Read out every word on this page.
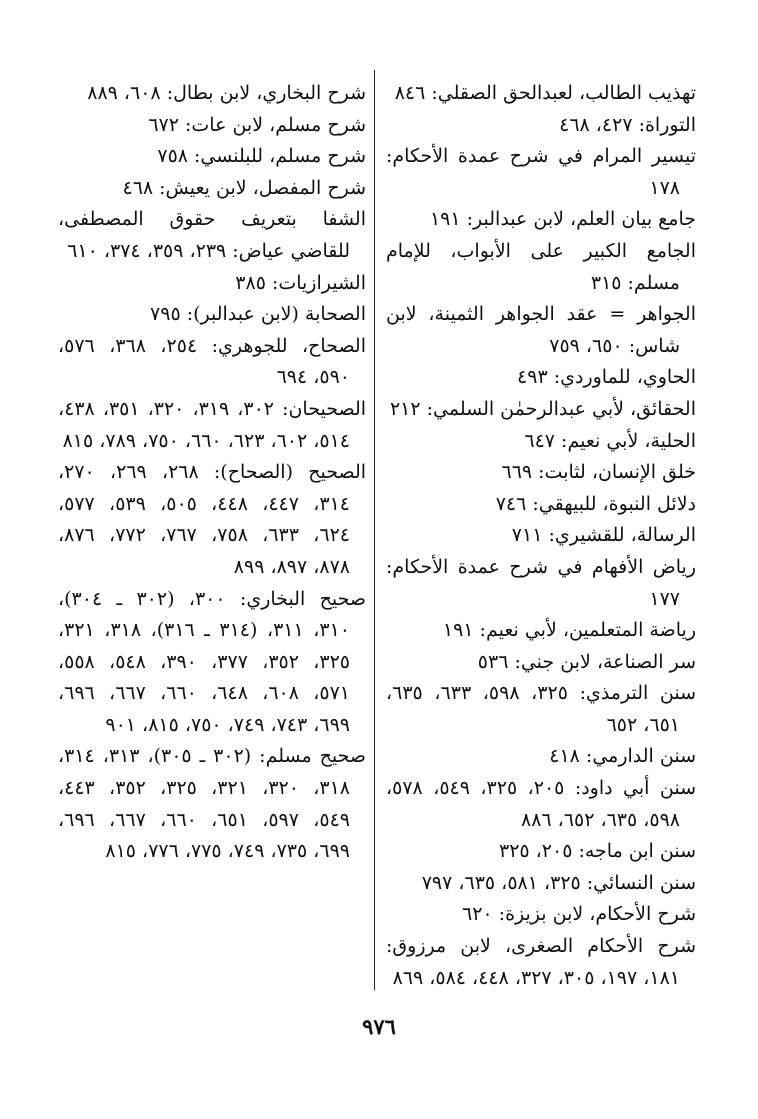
تهذيب الطالب، لعبدالحق الصقلي: ٨٤٦
التوراة: ٤٢٧، ٤٦٨
تيسير المرام في شرح عمدة الأحكام: ١٧٨
جامع بيان العلم، لابن عبدالبر: ١٩١
الجامع الكبير على الأبواب، للإمام مسلم: ٣١٥
الجواهر = عقد الجواهر الثمينة، لابن شاس: ٦٥٠، ٧٥٩
الحاوي، للماوردي: ٤٩٣
الحقائق، لأبي عبدالرحمٰن السلمي: ٢١٢
الحلية، لأبي نعيم: ٦٤٧
خلق الإنسان، لثابت: ٦٦٩
دلائل النبوة، للبيهقي: ٧٤٦
الرسالة، للقشيري: ٧١١
رياض الأفهام في شرح عمدة الأحكام: ١٧٧
رياضة المتعلمين، لأبي نعيم: ١٩١
سر الصناعة، لابن جني: ٥٣٦
سنن الترمذي: ٣٢٥، ٥٩٨، ٦٣٣، ٦٣٥، ٦٥١، ٦٥٢
سنن الدارمي: ٤١٨
سنن أبي داود: ٢٠٥، ٣٢٥، ٥٤٩، ٥٧٨، ٥٩٨، ٦٣٥، ٦٥٢، ٨٨٦
سنن ابن ماجه: ٢٠٥، ٣٢٥
سنن النسائي: ٣٢٥، ٥٨١، ٦٣٥، ٧٩٧
شرح الأحكام، لابن بزيزة: ٦٢٠
شرح الأحكام الصغرى، لابن مرزوق: ١٨١، ١٩٧، ٣٠٥، ٣٢٧، ٤٤٨، ٥٨٤، ٨٦٩
شرح البخاري، لابن بطال: ٦٠٨، ٨٨٩
شرح مسلم، لابن عات: ٦٧٢
شرح مسلم، للبلنسي: ٧٥٨
شرح المفصل، لابن يعيش: ٤٦٨
الشفا بتعريف حقوق المصطفى، للقاضي عياض: ٢٣٩، ٣٥٩، ٣٧٤، ٦١٠
الشيرازيات: ٣٨٥
الصحابة (لابن عبدالبر): ٧٩٥
الصحاح، للجوهري: ٢٥٤، ٣٦٨، ٥٧٦، ٥٩٠، ٦٩٤
الصحيحان: ٣٠٢، ٣١٩، ٣٢٠، ٣٥١، ٤٣٨، ٥١٤، ٦٠٢، ٦٢٣، ٦٦٠، ٧٥٠، ٧٨٩، ٨١٥
الصحيح (الصحاح): ٢٦٨، ٢٦٩، ٢٧٠، ٣١٤، ٤٤٧، ٤٤٨، ٥٠٥، ٥٣٩، ٥٧٧، ٦٢٤، ٦٣٣، ٧٥٨، ٧٦٧، ٧٧٢، ٨٧٦، ٨٧٨، ٨٩٧، ٨٩٩
صحيح البخاري: ٣٠٠، (٣٠٢ ـ ٣٠٤)، ٣١٠، ٣١١، (٣١٤ ـ ٣١٦)، ٣١٨، ٣٢١، ٣٢٥، ٣٥٢، ٣٧٧، ٣٩٠، ٥٤٨، ٥٥٨، ٥٧١، ٦٠٨، ٦٤٨، ٦٦٠، ٦٦٧، ٦٩٦، ٦٩٩، ٧٤٣، ٧٤٩، ٧٥٠، ٨١٥، ٩٠١
صحيح مسلم: (٣٠٢ ـ ٣٠٥)، ٣١٣، ٣١٤، ٣١٨، ٣٢٠، ٣٢١، ٣٢٥، ٣٥٢، ٤٤٣، ٥٤٩، ٥٩٧، ٦٥١، ٦٦٠، ٦٦٧، ٦٩٦، ٦٩٩، ٧٣٥، ٧٤٩، ٧٧٥، ٧٧٦، ٨١٥
٩٧٦
